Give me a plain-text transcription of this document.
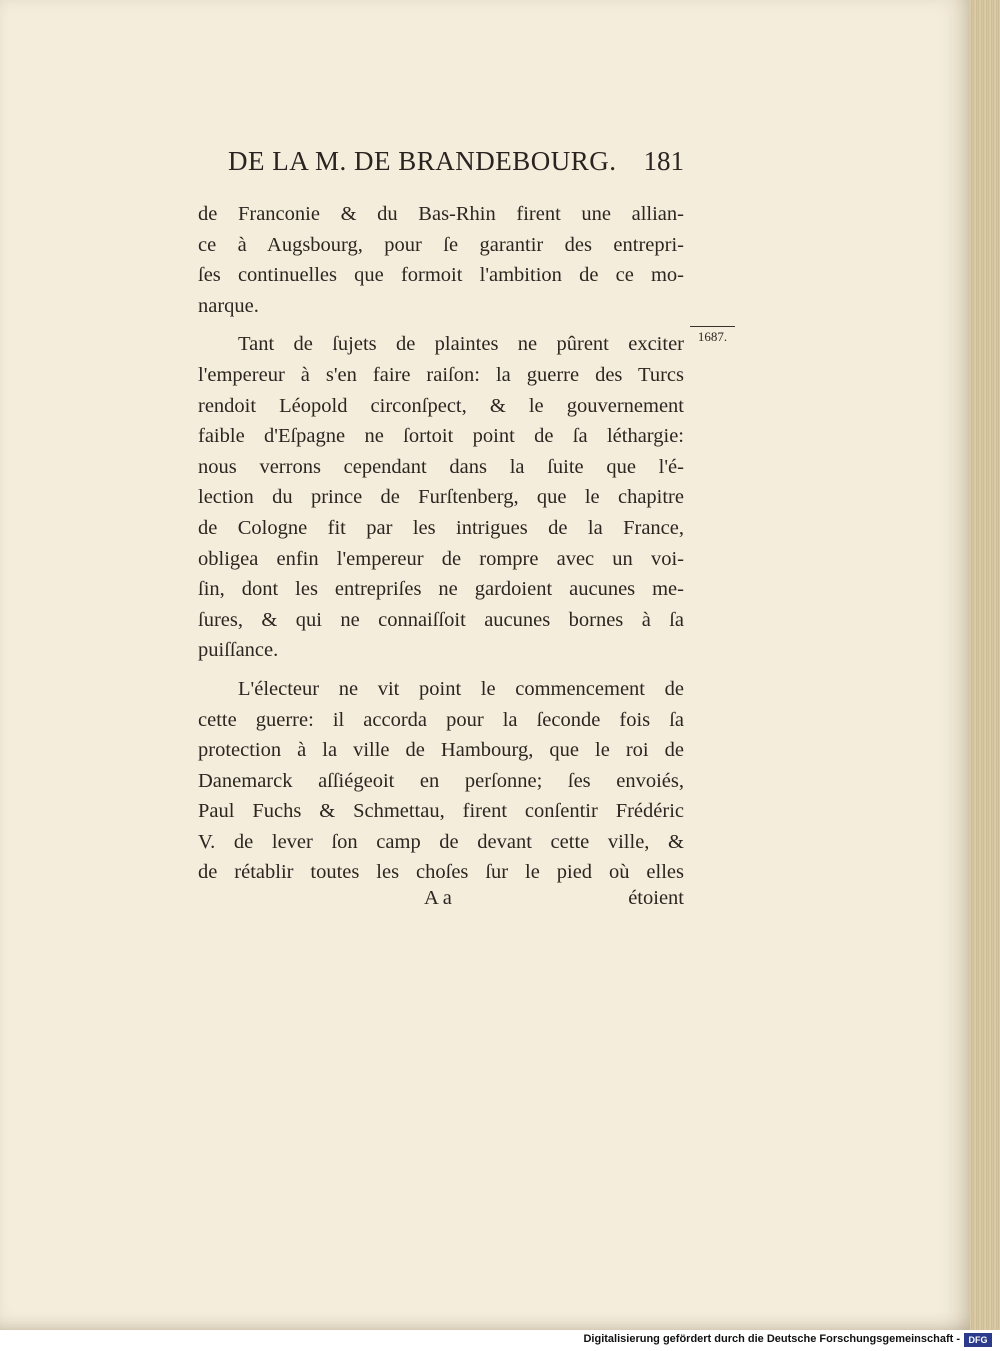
DE LA M. DE BRANDEBOURG. 181
de Franconie & du Bas-Rhin firent une allian-
ce à Augsbourg, pour ſe garantir des entrepri-
ſes continuelles que formoit l'ambition de ce mo-
narque.
Tant de ſujets de plaintes ne pûrent exciter
l'empereur à s'en faire raiſon: la guerre des Turcs
rendoit Léopold circonſpect, & le gouvernement
faible d'Eſpagne ne ſortoit point de ſa léthargie:
nous verrons cependant dans la ſuite que l'é-
lection du prince de Furſtenberg, que le chapitre
de Cologne fit par les intrigues de la France,
obligea enfin l'empereur de rompre avec un voi-
ſin, dont les entrepriſes ne gardoient aucunes me-
ſures, & qui ne connaiſſoit aucunes bornes à ſa
puiſſance.
L'électeur ne vit point le commencement de
cette guerre: il accorda pour la ſeconde fois ſa
protection à la ville de Hambourg, que le roi de
Danemarck aſſiégeoit en perſonne; ſes envoiés,
Paul Fuchs & Schmettau, firent conſentir Frédéric
V. de lever ſon camp de devant cette ville, &
de rétablir toutes les choſes ſur le pied où elles
1687.
A a	étoient
Digitalisierung gefördert durch die Deutsche Forschungsgemeinschaft - DFG
